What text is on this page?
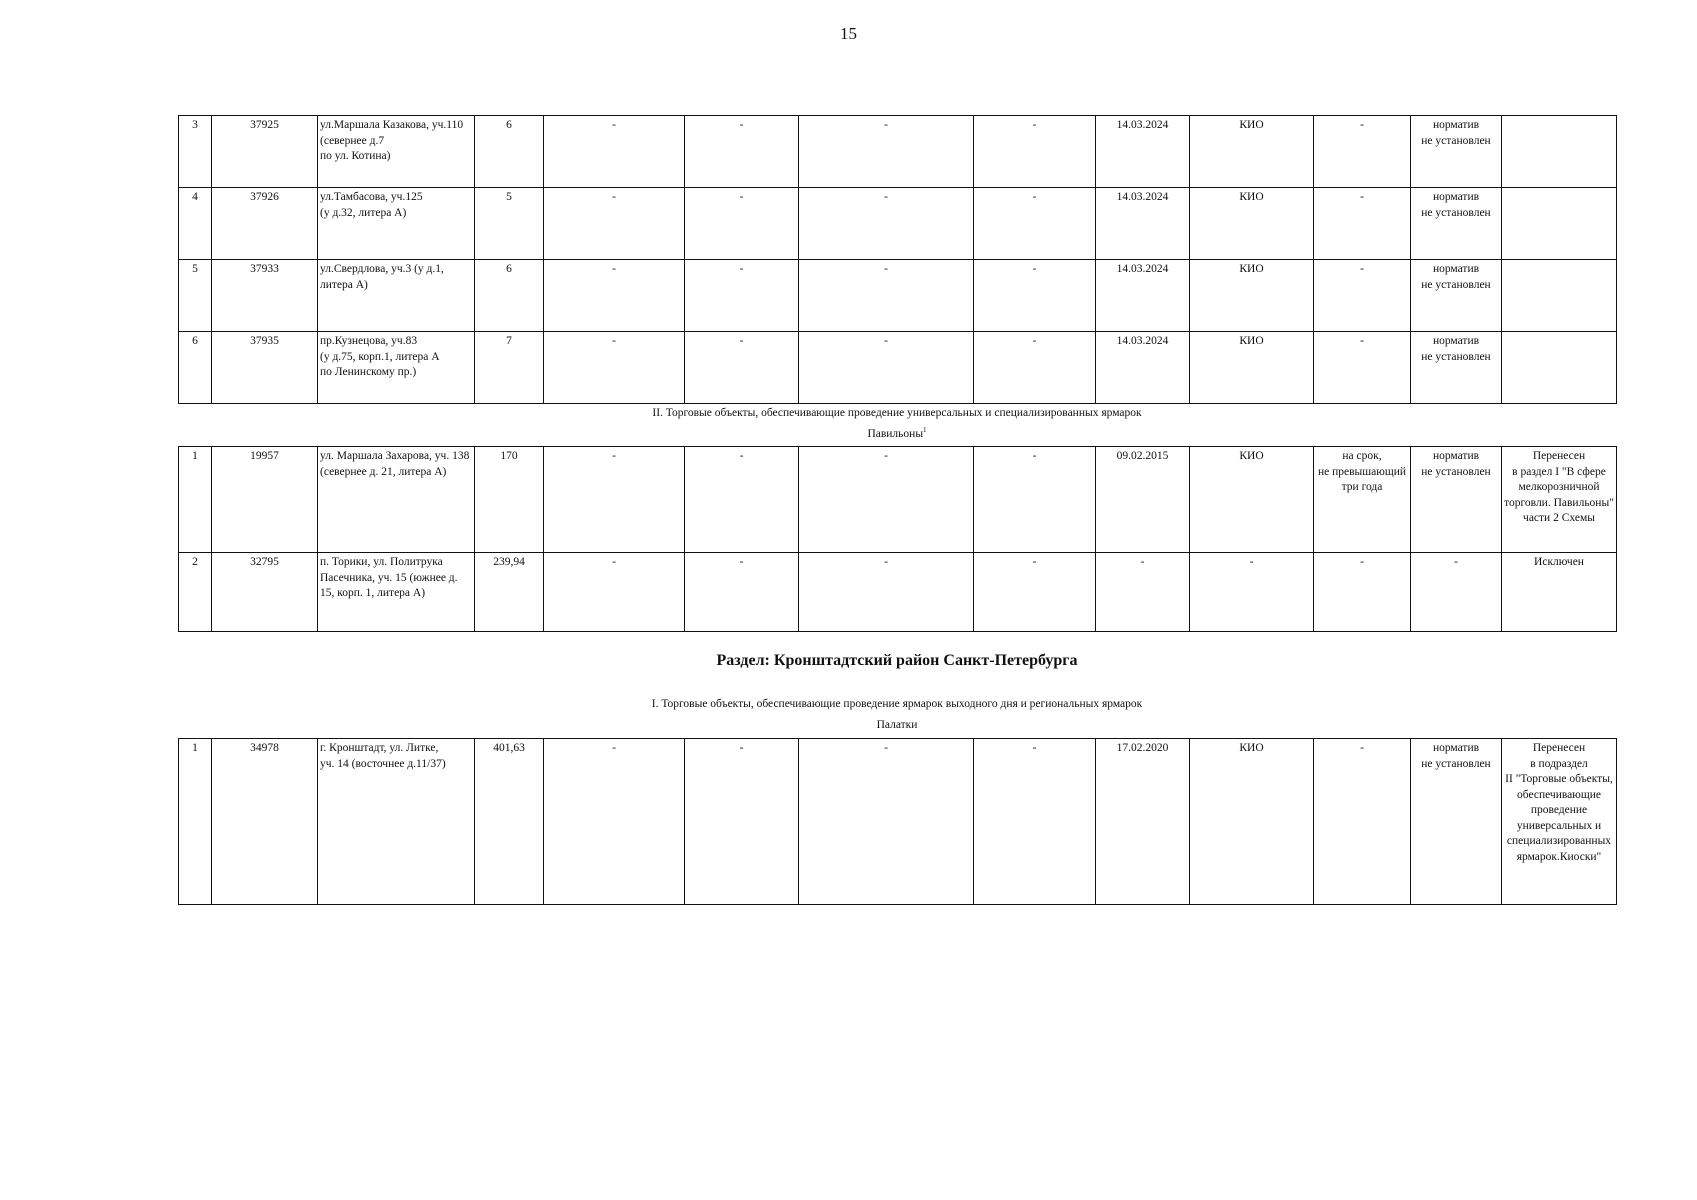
15
3	37925	ул.Маршала Казакова, уч.110 (севернее д.7
по ул. Котина)	6	-	-	-	-	14.03.2024	КИО	-	норматив
не установлен	
4	37926	ул.Тамбасова, уч.125
(у д.32, литера А)	5	-	-	-	-	14.03.2024	КИО	-	норматив
не установлен	
5	37933	ул.Свердлова, уч.3 (у д.1,
литера А)	6	-	-	-	-	14.03.2024	КИО	-	норматив
не установлен	
6	37935	пр.Кузнецова, уч.83
(у д.75, корп.1, литера А
по Ленинскому пр.)	7	-	-	-	-	14.03.2024	КИО	-	норматив
не установлен	
II. Торговые объекты, обеспечивающие проведение универсальных и специализированных ярмарок
Павильоны$^1$
1	19957	ул. Маршала Захарова, уч. 138 (севернее д. 21, литера А)	170	-	-	-	-	09.02.2015	КИО	на срок,
не превышающий
три года	норматив
не установлен	Перенесен
в раздел I "В сфере мелкорозничной торговли. Павильоны" части 2 Схемы
2	32795	п. Торики, ул. Политрука Пасечника, уч. 15 (южнее д. 15, корп. 1, литера А)	239,94	-	-	-	-	-	-	-	-	Исключен
Раздел: Кронштадтский район Санкт-Петербурга
I. Торговые объекты, обеспечивающие проведение ярмарок выходного дня и региональных ярмарок
Палатки
1	34978	г. Кронштадт, ул. Литке,
уч. 14 (восточнее д.11/37)	401,63	-	-	-	-	17.02.2020	КИО	-	норматив
не установлен	Перенесен
в подраздел
II "Торговые объекты, обеспечивающие проведение универсальных и специализированных ярмарок.Киоски"
